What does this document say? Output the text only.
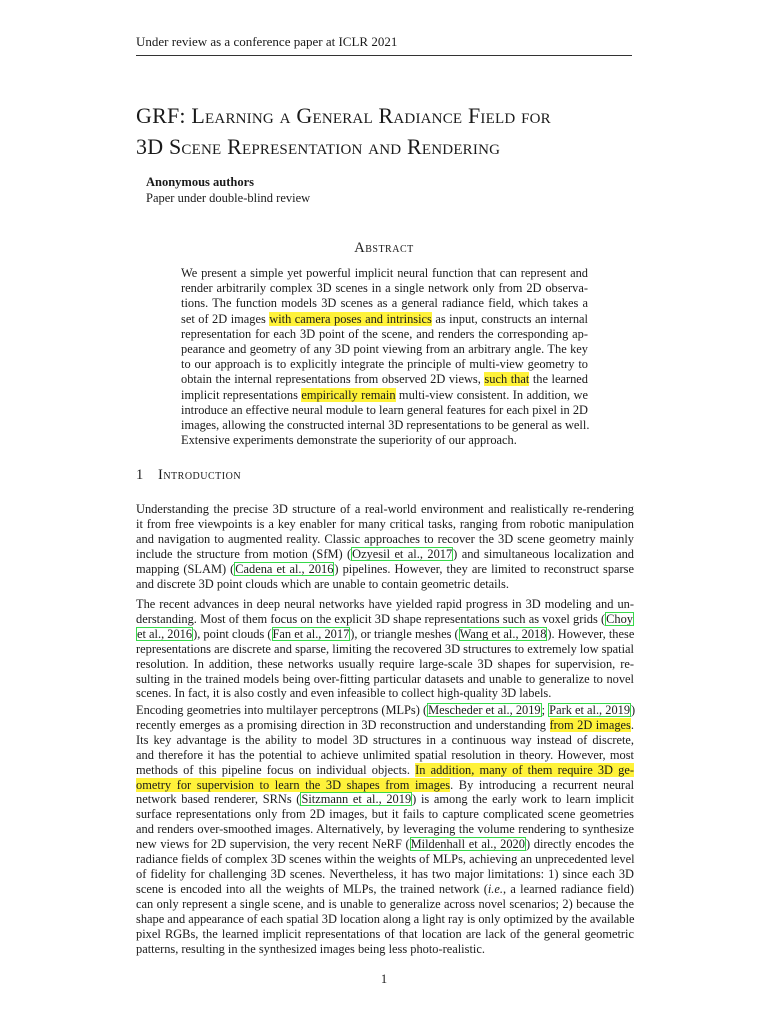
Under review as a conference paper at ICLR 2021
GRF: Learning a General Radiance Field for
3D Scene Representation and Rendering
Anonymous authors
Paper under double-blind review
Abstract
We present a simple yet powerful implicit neural function that can represent and
render arbitrarily complex 3D scenes in a single network only from 2D observa-
tions. The function models 3D scenes as a general radiance field, which takes a
set of 2D images with camera poses and intrinsics as input, constructs an internal
representation for each 3D point of the scene, and renders the corresponding ap-
pearance and geometry of any 3D point viewing from an arbitrary angle. The key
to our approach is to explicitly integrate the principle of multi-view geometry to
obtain the internal representations from observed 2D views, such that the learned
implicit representations empirically remain multi-view consistent. In addition, we
introduce an effective neural module to learn general features for each pixel in 2D
images, allowing the constructed internal 3D representations to be general as well.
Extensive experiments demonstrate the superiority of our approach.
1 Introduction
Understanding the precise 3D structure of a real-world environment and realistically re-rendering
it from free viewpoints is a key enabler for many critical tasks, ranging from robotic manipulation
and navigation to augmented reality. Classic approaches to recover the 3D scene geometry mainly
include the structure from motion (SfM) (Ozyesil et al., 2017) and simultaneous localization and
mapping (SLAM) (Cadena et al., 2016) pipelines. However, they are limited to reconstruct sparse
and discrete 3D point clouds which are unable to contain geometric details.
The recent advances in deep neural networks have yielded rapid progress in 3D modeling and un-
derstanding. Most of them focus on the explicit 3D shape representations such as voxel grids (Choy
et al., 2016), point clouds (Fan et al., 2017), or triangle meshes (Wang et al., 2018). However, these
representations are discrete and sparse, limiting the recovered 3D structures to extremely low spatial
resolution. In addition, these networks usually require large-scale 3D shapes for supervision, re-
sulting in the trained models being over-fitting particular datasets and unable to generalize to novel
scenes. In fact, it is also costly and even infeasible to collect high-quality 3D labels.
Encoding geometries into multilayer perceptrons (MLPs) (Mescheder et al., 2019; Park et al., 2019)
recently emerges as a promising direction in 3D reconstruction and understanding from 2D images.
Its key advantage is the ability to model 3D structures in a continuous way instead of discrete,
and therefore it has the potential to achieve unlimited spatial resolution in theory. However, most
methods of this pipeline focus on individual objects. In addition, many of them require 3D ge-
ometry for supervision to learn the 3D shapes from images. By introducing a recurrent neural
network based renderer, SRNs (Sitzmann et al., 2019) is among the early work to learn implicit
surface representations only from 2D images, but it fails to capture complicated scene geometries
and renders over-smoothed images. Alternatively, by leveraging the volume rendering to synthesize
new views for 2D supervision, the very recent NeRF (Mildenhall et al., 2020) directly encodes the
radiance fields of complex 3D scenes within the weights of MLPs, achieving an unprecedented level
of fidelity for challenging 3D scenes. Nevertheless, it has two major limitations: 1) since each 3D
scene is encoded into all the weights of MLPs, the trained network (i.e., a learned radiance field)
can only represent a single scene, and is unable to generalize across novel scenarios; 2) because the
shape and appearance of each spatial 3D location along a light ray is only optimized by the available
pixel RGBs, the learned implicit representations of that location are lack of the general geometric
patterns, resulting in the synthesized images being less photo-realistic.
1
